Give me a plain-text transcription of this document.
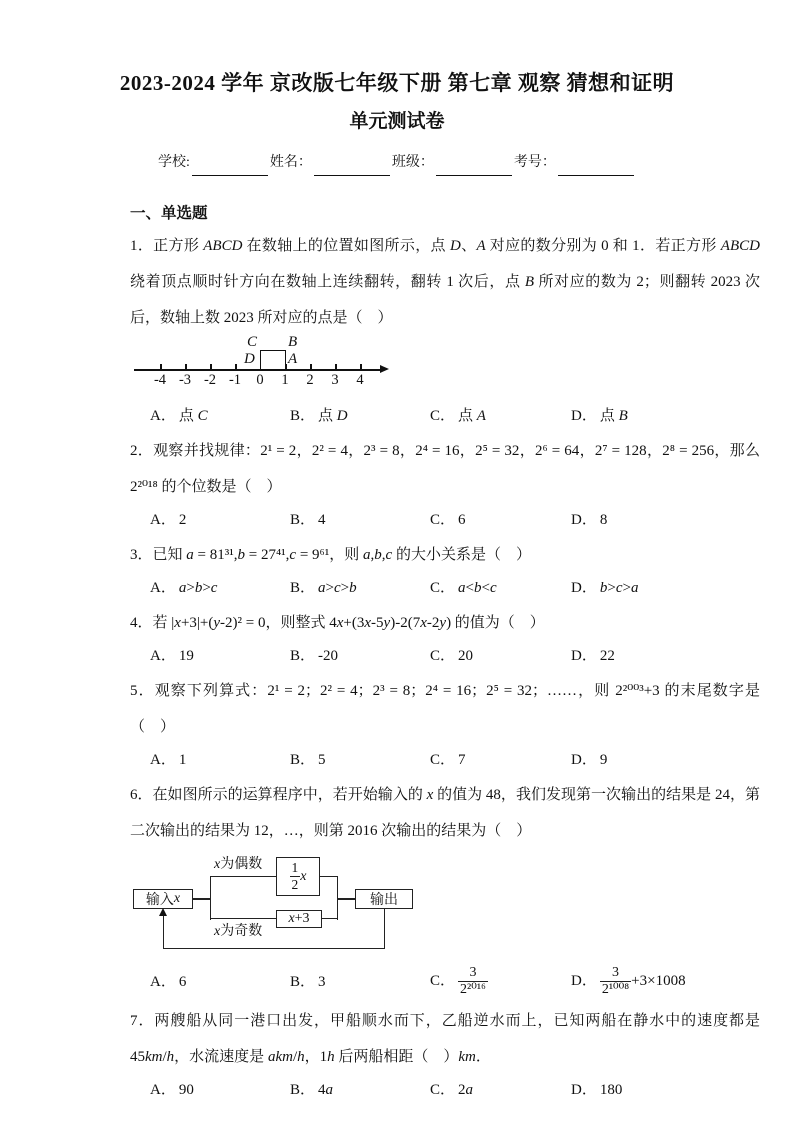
2023-2024 学年 京改版七年级下册 第七章 观察 猜想和证明
单元测试卷
学校:	姓名：	班级：	考号：
一、单选题

1．正方形 ABCD 在数轴上的位置如图所示，点 D、A 对应的数分别为 0 和 1．若正方形 ABCD 绕着顶点顺时针方向在数轴上连续翻转，翻转 1 次后，点 B 所对应的数为 2；则翻转 2023 次后，数轴上数 2023 所对应的点是（　）

-4 -3 -2 -1	0	1	2	3	4
C B
D A
A． 点 C	B． 点 D	C． 点 A	D． 点 B

2．观察并找规律：2¹ = 2，2² = 4，2³ = 8，2⁴ = 16，2⁵ = 32，2⁶ = 64，2⁷ = 128，2⁸ = 256，那么 2²⁰¹⁸ 的个位数是（　）

A． 2	B． 4	C． 6	D． 8

3．已知 a = 81³¹,b = 27⁴¹,c = 9⁶¹，则 a,b,c 的大小关系是（　）

A． a>b>c	B． a>c>b	C． a<b<c	D． b>c>a

4．若 |x+3|+(y-2)² = 0，则整式 4x+(3x-5y)-2(7x-2y) 的值为（　）

A． 19	B． -20	C． 20	D． 22

5．观察下列算式：2¹ = 2；2² = 4；2³ = 8；2⁴ = 16；2⁵ = 32；……，则 2²⁰⁰³+3 的末尾数字是（　）

A． 1	B． 5	C． 7	D． 9

6．在如图所示的运算程序中，若开始输入的 x 的值为 48，我们发现第一次输出的结果是 24，第二次输出的结果为 12，…，则第 2016 次输出的结果为（　）

输入 x
x为偶数
x为奇数
$\frac{1}{2}$ x
x +3
输出
A． 6	B． 3	C． $\frac{3}{\text{2²⁰¹⁶}}$	D． $\frac{3}{\text{2¹⁰⁰⁸}} +3\times 1008$

7．两艘船从同一港口出发，甲船顺水而下，乙船逆水而上，已知两船在静水中的速度都是 45km/h，水流速度是 akm/h，1h 后两船相距（　）km．

A． 90	B． 4a	C． 2a	D． 180
